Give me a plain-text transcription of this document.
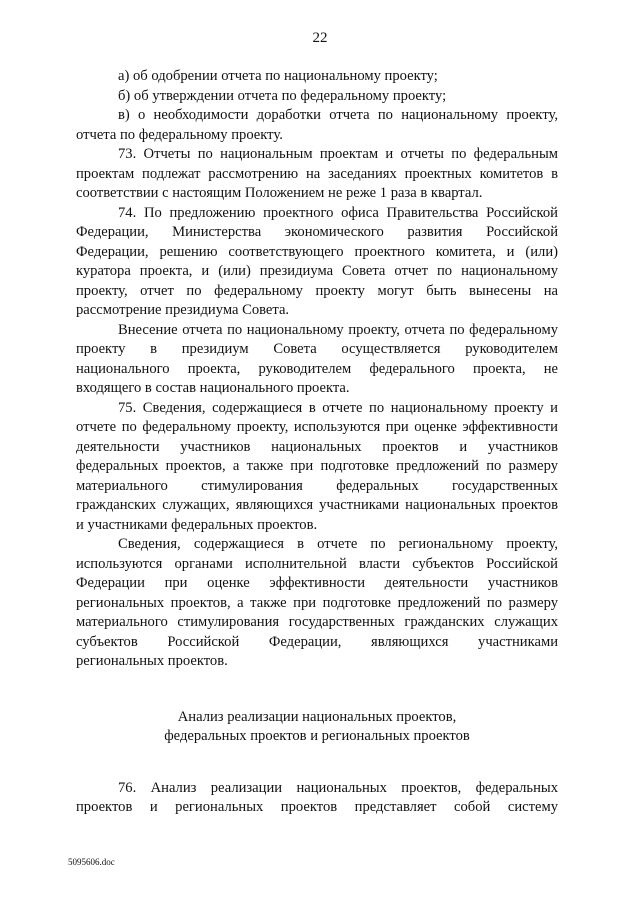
22
а) об одобрении отчета по национальному проекту;
б) об утверждении отчета по федеральному проекту;
в) о необходимости доработки отчета по национальному проекту,
отчета по федеральному проекту.
73. Отчеты по национальным проектам и отчеты по федеральным
проектам подлежат рассмотрению на заседаниях проектных комитетов в
соответствии с настоящим Положением не реже 1 раза в квартал.
74. По предложению проектного офиса Правительства Российской
Федерации, Министерства экономического развития Российской
Федерации, решению соответствующего проектного комитета, и (или)
куратора проекта, и (или) президиума Совета отчет по национальному
проекту, отчет по федеральному проекту могут быть вынесены на
рассмотрение президиума Совета.
Внесение отчета по национальному проекту, отчета по федеральному
проекту в президиум Совета осуществляется руководителем
национального проекта, руководителем федерального проекта, не
входящего в состав национального проекта.
75. Сведения, содержащиеся в отчете по национальному проекту и
отчете по федеральному проекту, используются при оценке эффективности
деятельности участников национальных проектов и участников
федеральных проектов, а также при подготовке предложений по размеру
материального стимулирования федеральных государственных
гражданских служащих, являющихся участниками национальных проектов
и участниками федеральных проектов.
Сведения, содержащиеся в отчете по региональному проекту,
используются органами исполнительной власти субъектов Российской
Федерации при оценке эффективности деятельности участников
региональных проектов, а также при подготовке предложений по размеру
материального стимулирования государственных гражданских служащих
субъектов Российской Федерации, являющихся участниками
региональных проектов.
Анализ реализации национальных проектов,
федеральных проектов и региональных проектов
76. Анализ реализации национальных проектов, федеральных
проектов и региональных проектов представляет собой систему
5095606.doc
